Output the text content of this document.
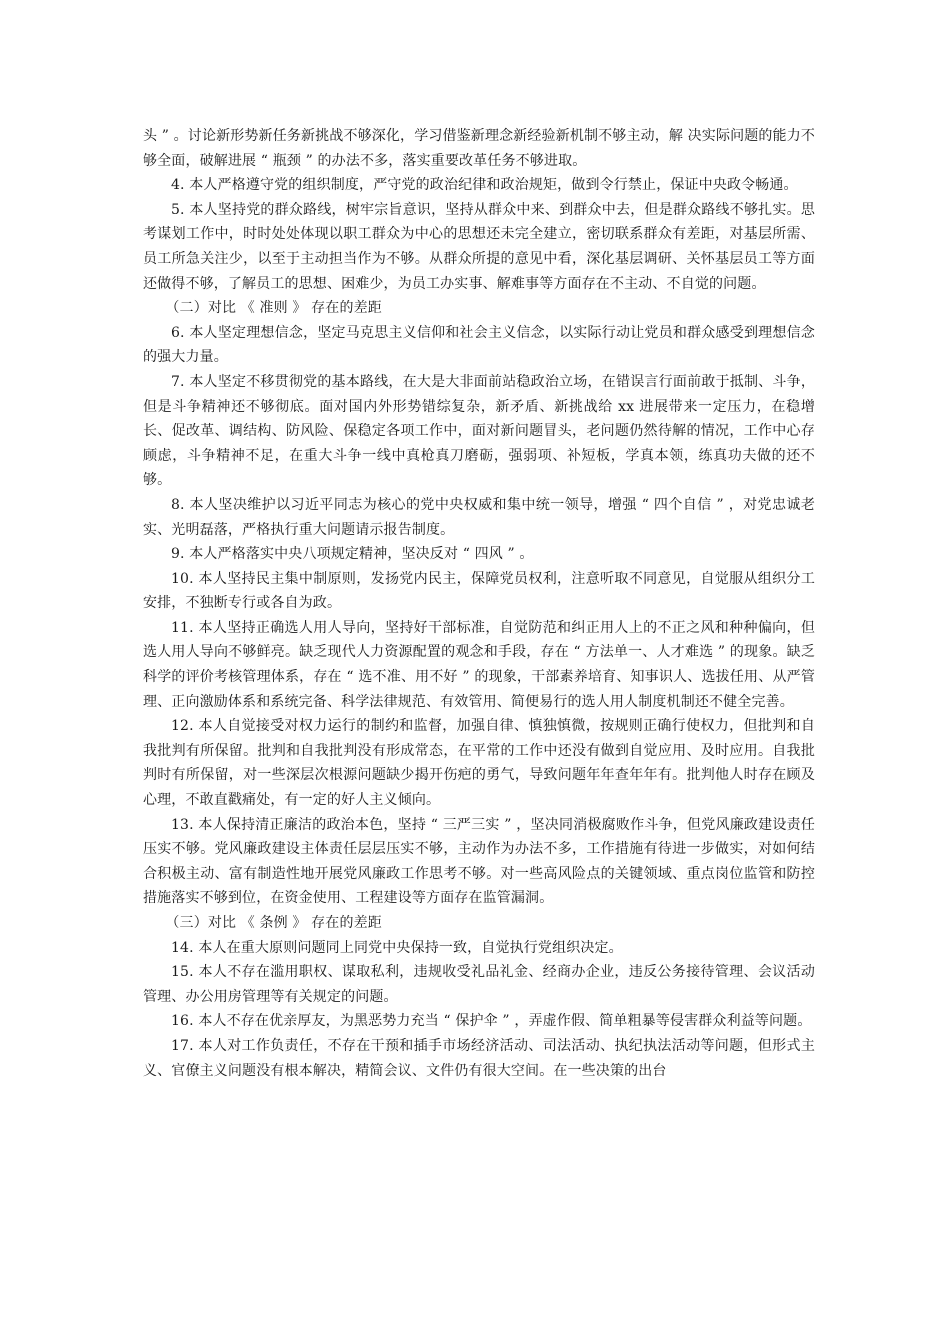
头 ” 。讨论新形势新任务新挑战不够深化，学习借鉴新理念新经验新机制不够主动，解 决实际问题的能力不够全面，破解进展 “ 瓶颈 ” 的办法不多，落实重要改革任务不够进取。

4. 本人严格遵守党的组织制度，严守党的政治纪律和政治规矩，做到令行禁止，保证中央政令畅通。

5. 本人坚持党的群众路线，树牢宗旨意识，坚持从群众中来、到群众中去，但是群众路线不够扎实。思考谋划工作中，时时处处体现以职工群众为中心的思想还未完全建立，密切联系群众有差距，对基层所需、员工所急关注少，以至于主动担当作为不够。从群众所提的意见中看，深化基层调研、关怀基层员工等方面还做得不够，了解员工的思想、困难少，为员工办实事、解难事等方面存在不主动、不自觉的问题。

（二）对比 《 准则 》 存在的差距

6. 本人坚定理想信念，坚定马克思主义信仰和社会主义信念，以实际行动让党员和群众感受到理想信念的强大力量。

7. 本人坚定不移贯彻党的基本路线，在大是大非面前站稳政治立场，在错误言行面前敢于抵制、斗争，但是斗争精神还不够彻底。面对国内外形势错综复杂，新矛盾、新挑战给 xx 进展带来一定压力，在稳增长、促改革、调结构、防风险、保稳定各项工作中，面对新问题冒头，老问题仍然待解的情况，工作中心存顾虑，斗争精神不足，在重大斗争一线中真枪真刀磨砺，强弱项、补短板，学真本领，练真功夫做的还不够。

8. 本人坚决维护以习近平同志为核心的党中央权威和集中统一领导，增强 “ 四个自信 ” ，对党忠诚老实、光明磊落，严格执行重大问题请示报告制度。

9. 本人严格落实中央八项规定精神，坚决反对 “ 四风 ” 。

10. 本人坚持民主集中制原则，发扬党内民主，保障党员权利，注意听取不同意见，自觉服从组织分工安排，不独断专行或各自为政。

11. 本人坚持正确选人用人导向，坚持好干部标准，自觉防范和纠正用人上的不正之风和种种偏向，但选人用人导向不够鲜亮。缺乏现代人力资源配置的观念和手段，存在 “ 方法单一、人才难选 ” 的现象。缺乏科学的评价考核管理体系，存在 “ 选不准、用不好 ” 的现象，干部素养培育、知事识人、选拔任用、从严管理、正向激励体系和系统完备、科学法律规范、有效管用、简便易行的选人用人制度机制还不健全完善。

12. 本人自觉接受对权力运行的制约和监督，加强自律、慎独慎微，按规则正确行使权力，但批判和自我批判有所保留。批判和自我批判没有形成常态，在平常的工作中还没有做到自觉应用、及时应用。自我批判时有所保留，对一些深层次根源问题缺少揭开伤疤的勇气，导致问题年年查年年有。批判他人时存在顾及心理，不敢直戳痛处，有一定的好人主义倾向。

13. 本人保持清正廉洁的政治本色，坚持 “ 三严三实 ” ，坚决同消极腐败作斗争，但党风廉政建设责任压实不够。党风廉政建设主体责任层层压实不够，主动作为办法不多，工作措施有待进一步做实，对如何结合积极主动、富有制造性地开展党风廉政工作思考不够。对一些高风险点的关键领域、重点岗位监管和防控措施落实不够到位，在资金使用、工程建设等方面存在监管漏洞。

（三）对比 《 条例 》 存在的差距

14. 本人在重大原则问题同上同党中央保持一致，自觉执行党组织决定。

15. 本人不存在滥用职权、谋取私利，违规收受礼品礼金、经商办企业，违反公务接待管理、会议活动管理、办公用房管理等有关规定的问题。

16. 本人不存在优亲厚友，为黑恶势力充当 “ 保护伞 ” ，弄虚作假、简单粗暴等侵害群众利益等问题。

17. 本人对工作负责任，不存在干预和插手市场经济活动、司法活动、执纪执法活动等问题，但形式主义、官僚主义问题没有根本解决，精简会议、文件仍有很大空间。在一些决策的出台
